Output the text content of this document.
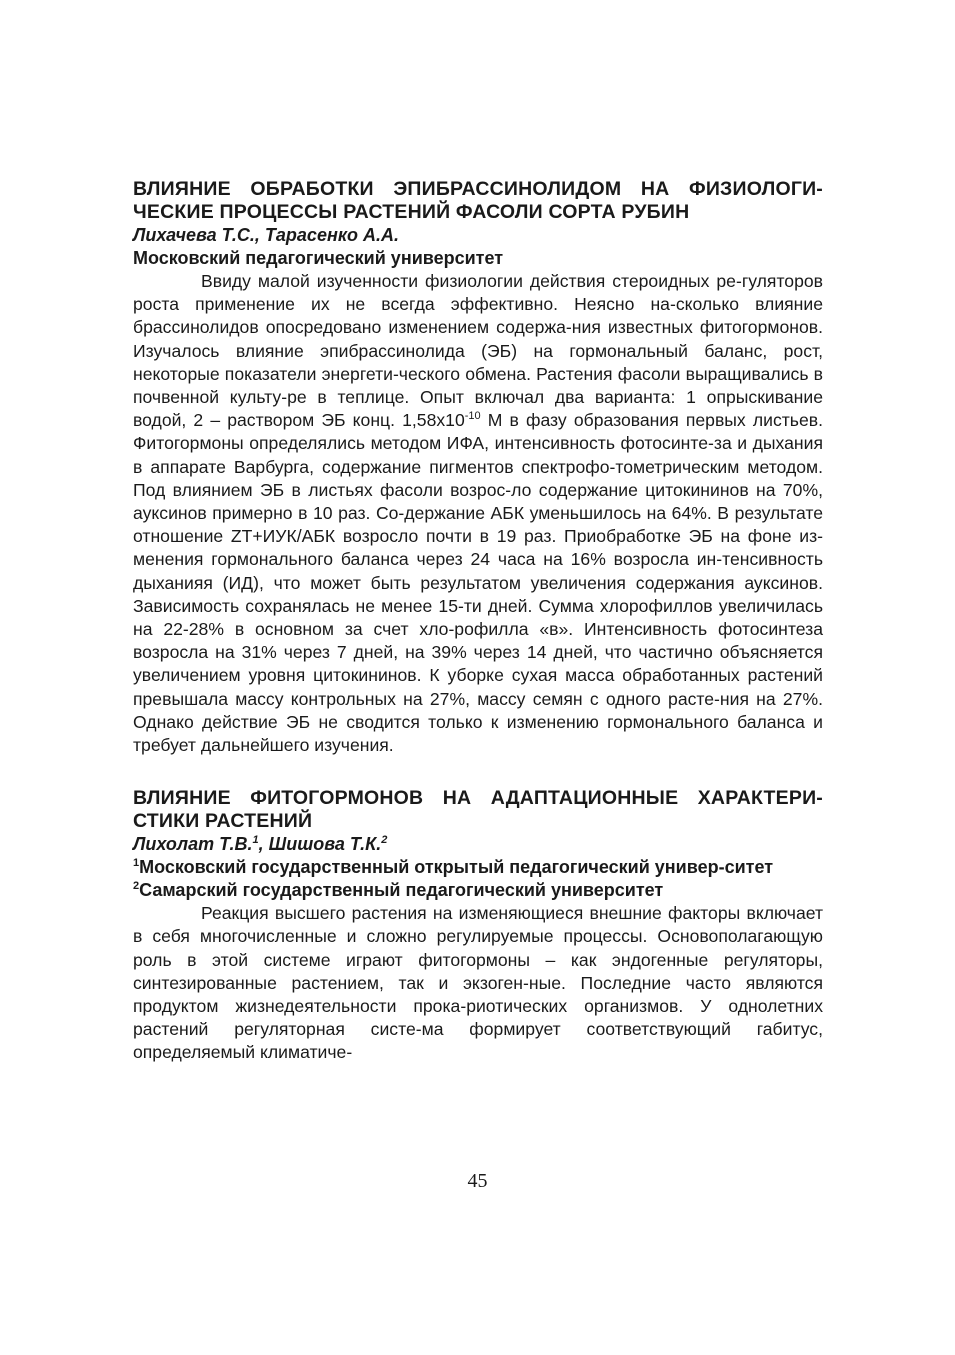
ВЛИЯНИЕ ОБРАБОТКИ ЭПИБРАССИНОЛИДОМ НА ФИЗИОЛОГИ-ЧЕСКИЕ ПРОЦЕССЫ РАСТЕНИЙ ФАСОЛИ СОРТА РУБИН

Лихачева Т.С., Тарасенко А.А.

Московский педагогический университет

Ввиду малой изученности физиологии действия стероидных ре-гуляторов роста применение их не всегда эффективно. Неясно на-сколько влияние брассинолидов опосредовано изменением содержа-ния известных фитогормонов. Изучалось влияние эпибрассинолида (ЭБ) на гормональный баланс, рост, некоторые показатели энергети-ческого обмена. Растения фасоли выращивались в почвенной культу-ре в теплице. Опыт включал два варианта: 1 опрыскивание водой, 2 – раствором ЭБ конц. $1,58х10^{-10}$ М в фазу образования первых листьев. Фитогормоны определялись методом ИФА, интенсивность фотосинте-за и дыхания в аппарате Варбурга, содержание пигментов спектрофо-тометрическим методом. Под влиянием ЭБ в листьях фасоли возрос-ло содержание цитокининов на 70%, ауксинов примерно в 10 раз. Со-держание АБК уменьшилось на 64%. В результате отношение ZT+ИУК/АБК возросло почти в 19 раз. Приобработке ЭБ на фоне из-менения гормонального баланса через 24 часа на 16% возросла ин-тенсивность дыханияя (ИД), что может быть результатом увеличения содержания ауксинов. Зависимость сохранялась не менее 15-ти дней. Сумма хлорофиллов увеличилась на 22-28% в основном за счет хло-рофилла «в». Интенсивность фотосинтеза возросла на 31% через 7 дней, на 39% через 14 дней, что частично объясняется увеличением уровня цитокининов. К уборке сухая масса обработанных растений превышала массу контрольных на 27%, массу семян с одного расте-ния на 27%. Однако действие ЭБ не сводится только к изменению гормонального баланса и требует дальнейшего изучения.

ВЛИЯНИЕ ФИТОГОРМОНОВ НА АДАПТАЦИОННЫЕ ХАРАКТЕРИ-СТИКИ РАСТЕНИЙ

Лихолат Т.В.$^1$, Шишова Т.К.$^2$

$^1$Московский государственный открытый педагогический универ-ситет

$^2$Самарский государственный педагогический университет

Реакция высшего растения на изменяющиеся внешние факторы включает в себя многочисленные и сложно регулируемые процессы. Основополагающую роль в этой системе играют фитогормоны – как эндогенные регуляторы, синтезированные растением, так и экзоген-ные. Последние часто являются продуктом жизнедеятельности прока-риотических организмов. У однолетних растений регуляторная систе-ма формирует соответствующий габитус, определяемый климатиче-

45
